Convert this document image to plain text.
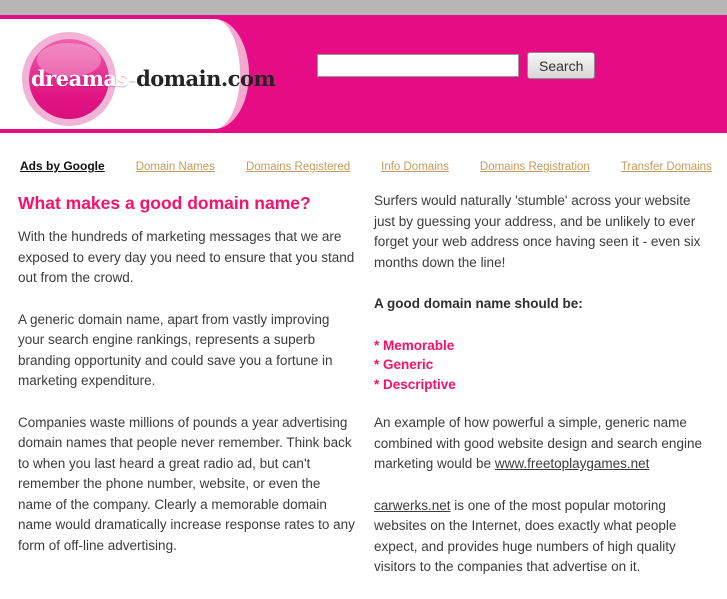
dreamas-domain.com
Search
Ads by Google	Domain Names	Domains Registered	Info Domains	Domains Registration	Transfer Domains
What makes a good domain name?

With the hundreds of marketing messages that we are exposed to every day you need to ensure that you stand out from the crowd.

A generic domain name, apart from vastly improving your search engine rankings, represents a superb branding opportunity and could save you a fortune in marketing expenditure.

Companies waste millions of pounds a year advertising domain names that people never remember. Think back to when you last heard a great radio ad, but can't remember the phone number, website, or even the name of the company. Clearly a memorable domain name would dramatically increase response rates to any form of off-line advertising.

Surfers would naturally 'stumble' across your website just by guessing your address, and be unlikely to ever forget your web address once having seen it - even six months down the line!

A good domain name should be:

* Memorable
* Generic
* Descriptive

An example of how powerful a simple, generic name combined with good website design and search engine marketing would be www.freetoplaygames.net

carwerks.net is one of the most popular motoring websites on the Internet, does exactly what people expect, and provides huge numbers of high quality visitors to the companies that advertise on it.
